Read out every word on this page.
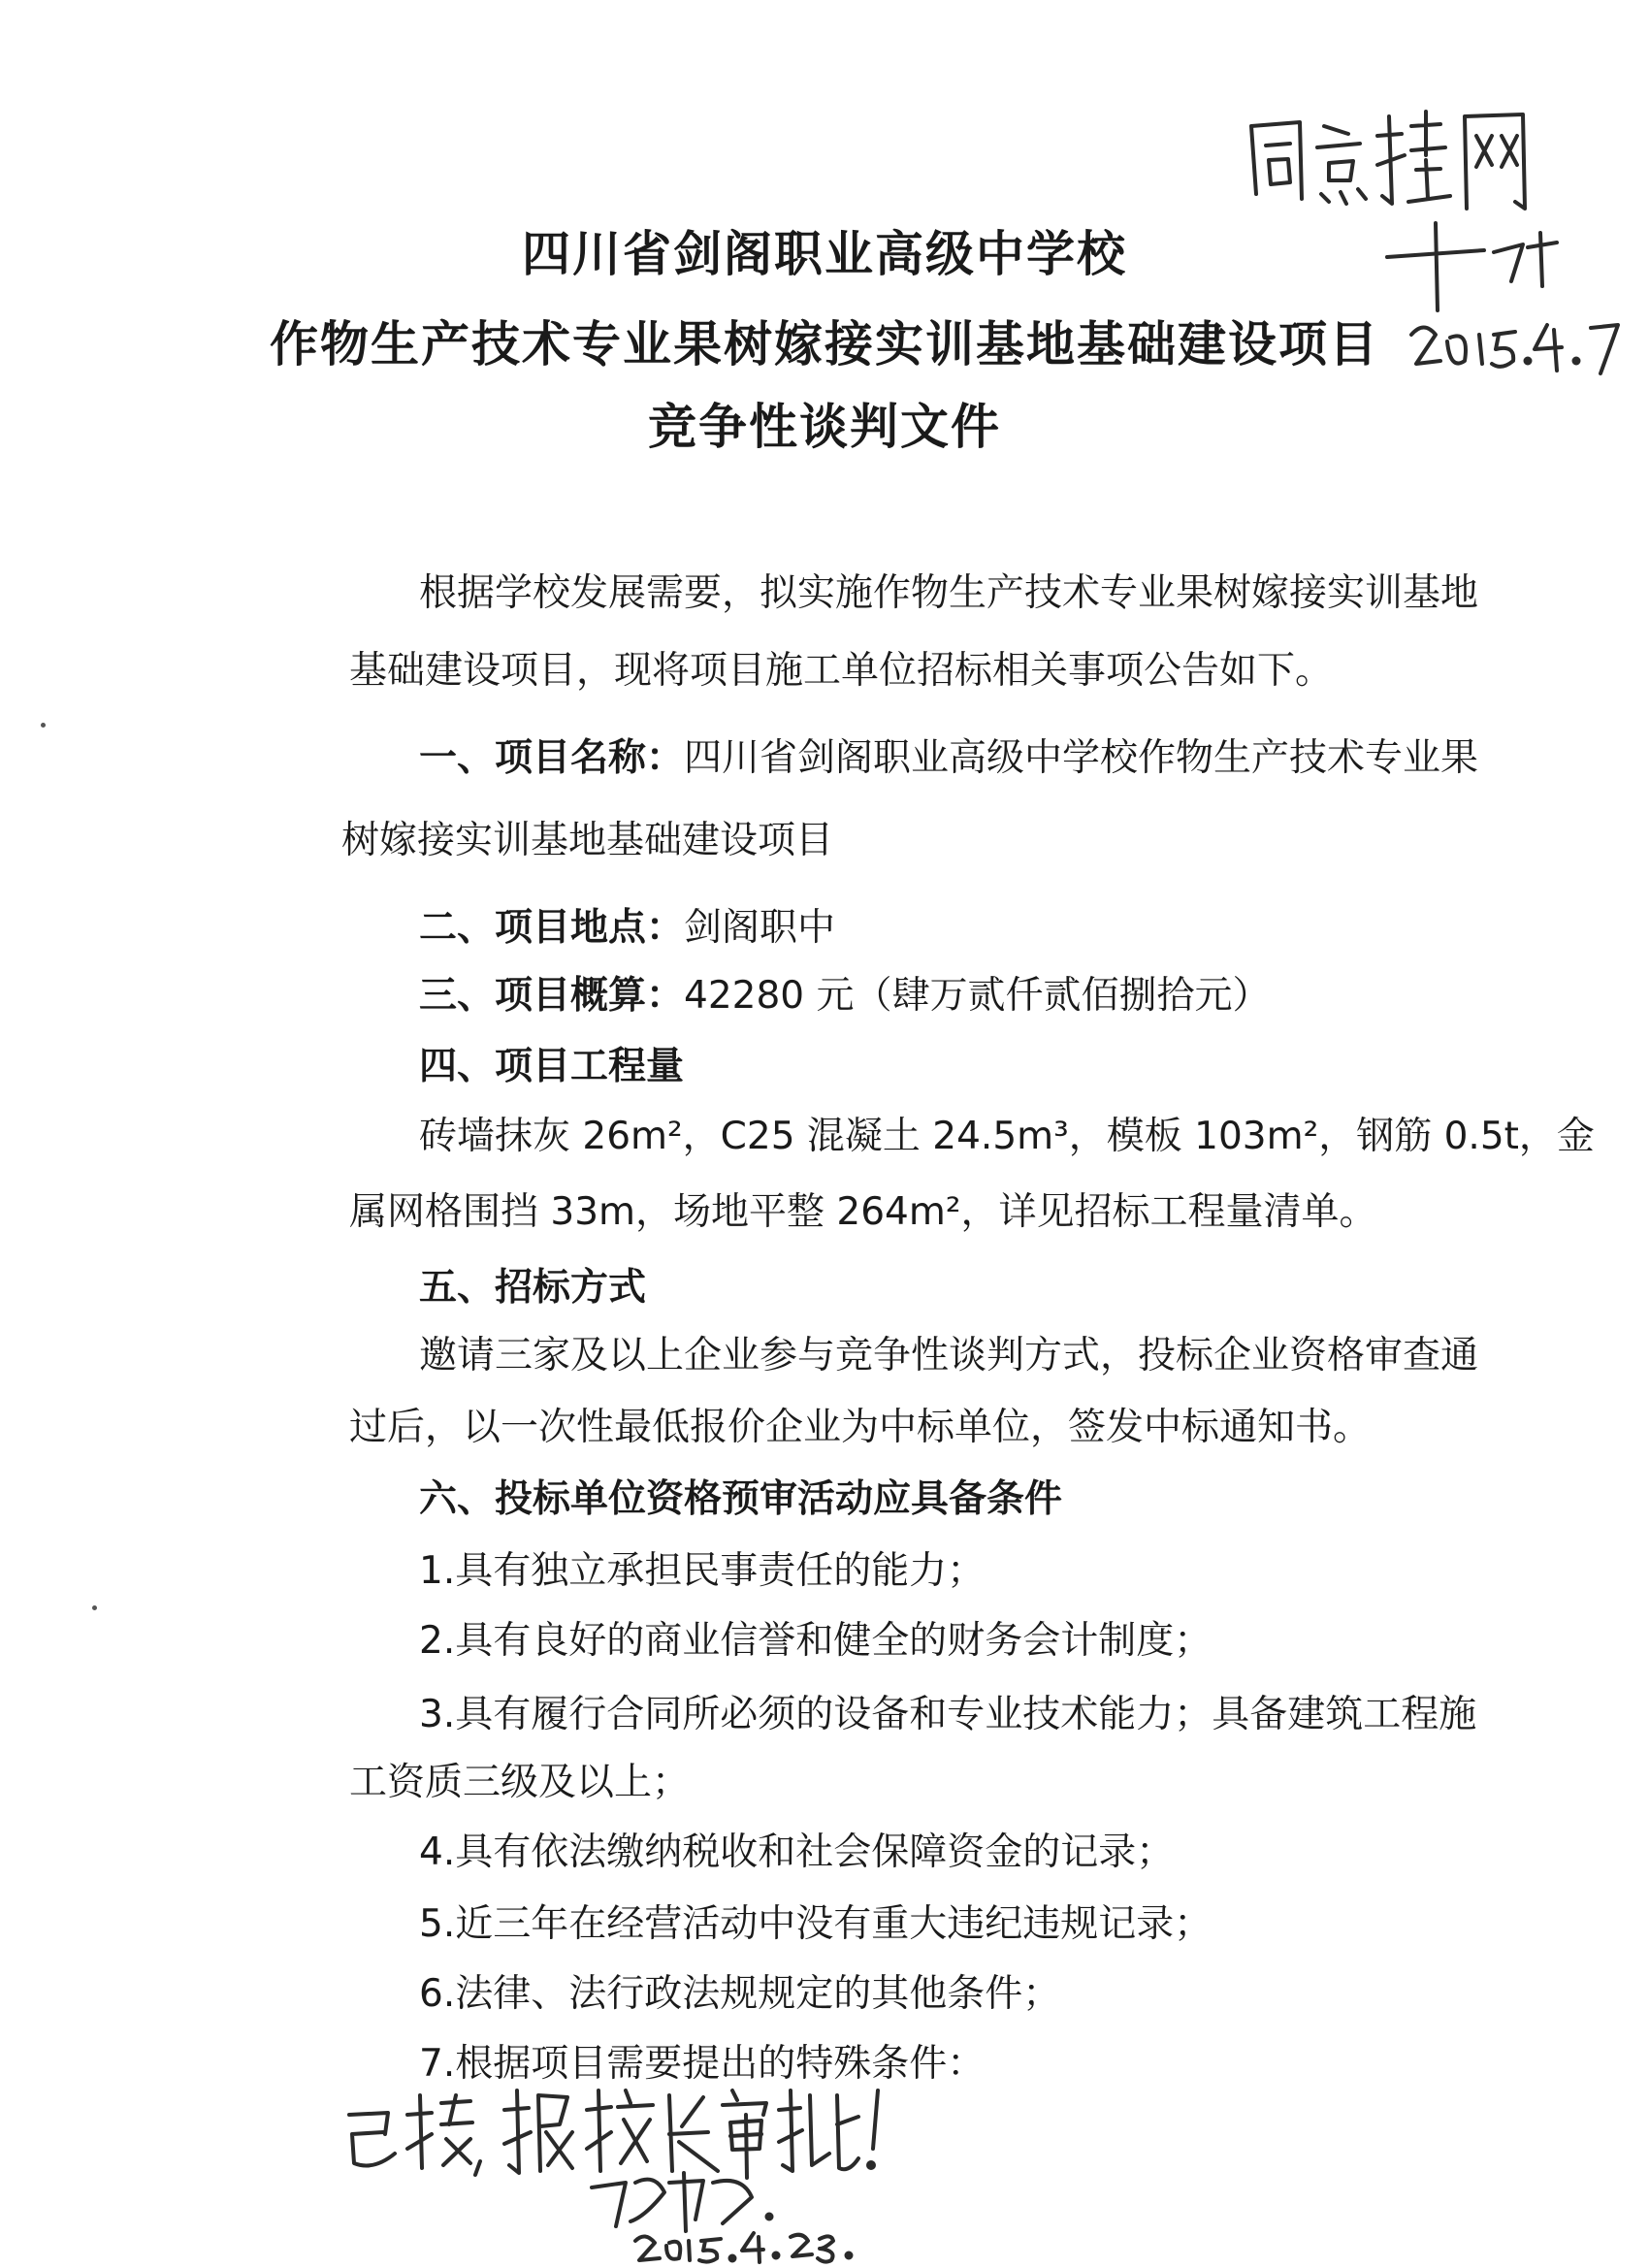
四川省剑阁职业高级中学校
作物生产技术专业果树嫁接实训基地基础建设项目
竞争性谈判文件
根据学校发展需要，拟实施作物生产技术专业果树嫁接实训基地
基础建设项目，现将项目施工单位招标相关事项公告如下。
一、项目名称：四川省剑阁职业高级中学校作物生产技术专业果
树嫁接实训基地基础建设项目
二、项目地点：剑阁职中
三、项目概算：42280 元（肆万贰仟贰佰捌拾元）
四、项目工程量
砖墙抹灰 26m²，C25 混凝土 24.5m³，模板 103m²，钢筋 0.5t，金
属网格围挡 33m，场地平整 264m²，详见招标工程量清单。
五、招标方式
邀请三家及以上企业参与竞争性谈判方式，投标企业资格审查通
过后，以一次性最低报价企业为中标单位，签发中标通知书。
六、投标单位资格预审活动应具备条件
1.具有独立承担民事责任的能力；
2.具有良好的商业信誉和健全的财务会计制度；
3.具有履行合同所必须的设备和专业技术能力；具备建筑工程施
工资质三级及以上；
4.具有依法缴纳税收和社会保障资金的记录；
5.近三年在经营活动中没有重大违纪违规记录；
6.法律、法行政法规规定的其他条件；
7.根据项目需要提出的特殊条件：
